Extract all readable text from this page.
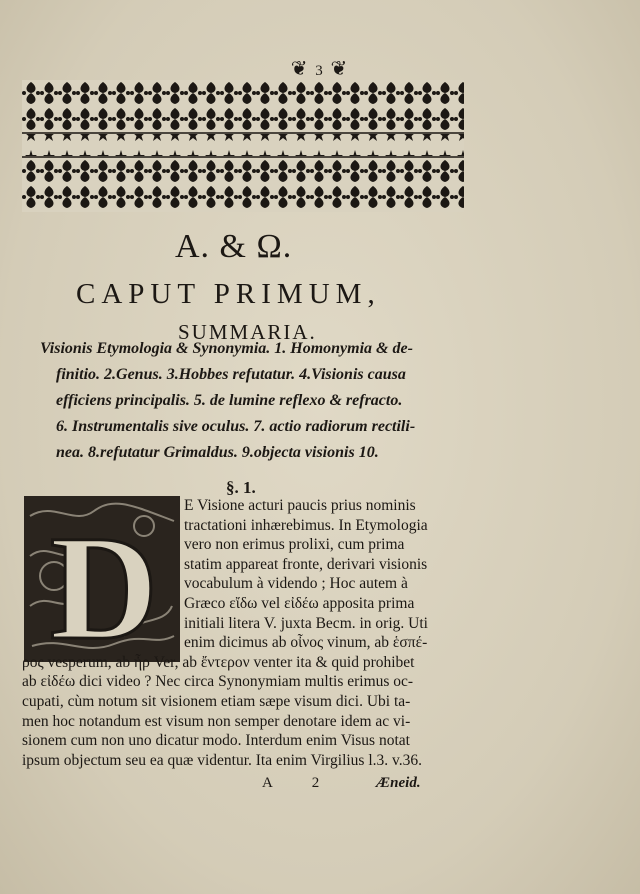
❦ 3 ❦
A. & Ω.
CAPUT PRIMUM,
SUMMARIA.
Visionis Etymologia & Synonymia. 1. Homonymia & de-
finitio. 2.Genus. 3.Hobbes refutatur. 4.Visionis causa
efficiens principalis. 5. de lumine reflexo & refracto.
6. Instrumentalis sive oculus. 7. actio radiorum rectili-
nea. 8.refutatur Grimaldus. 9.objecta visionis 10.
§. 1.
D	E Visione acturi paucis prius nominis
tractationi inhærebimus. In Etymologia
vero non erimus prolixi, cum prima
statim appareat fronte, derivari visionis
vocabulum à videndo ; Hoc autem à
Græco εἴδω vel εἰδέω apposita prima
initiali litera V. juxta Becm. in orig. Uti
enim dicimus ab οἶνος vinum, ab ἑσπέ-
ρος vesperum, ab ἦρ Ver, ab ἔντερον venter ita & quid prohibet
ab εἰδέω dici video ? Nec circa Synonymiam multis erimus oc-
cupati, cùm notum sit visionem etiam sæpe visum dici. Ubi ta-
men hoc notandum est visum non semper denotare idem ac vi-
sionem cum non uno dicatur modo. Interdum enim Visus notat
ipsum objectum seu ea quæ videntur. Ita enim Virgilius l.3. v.36.
A 2	Æneid.
